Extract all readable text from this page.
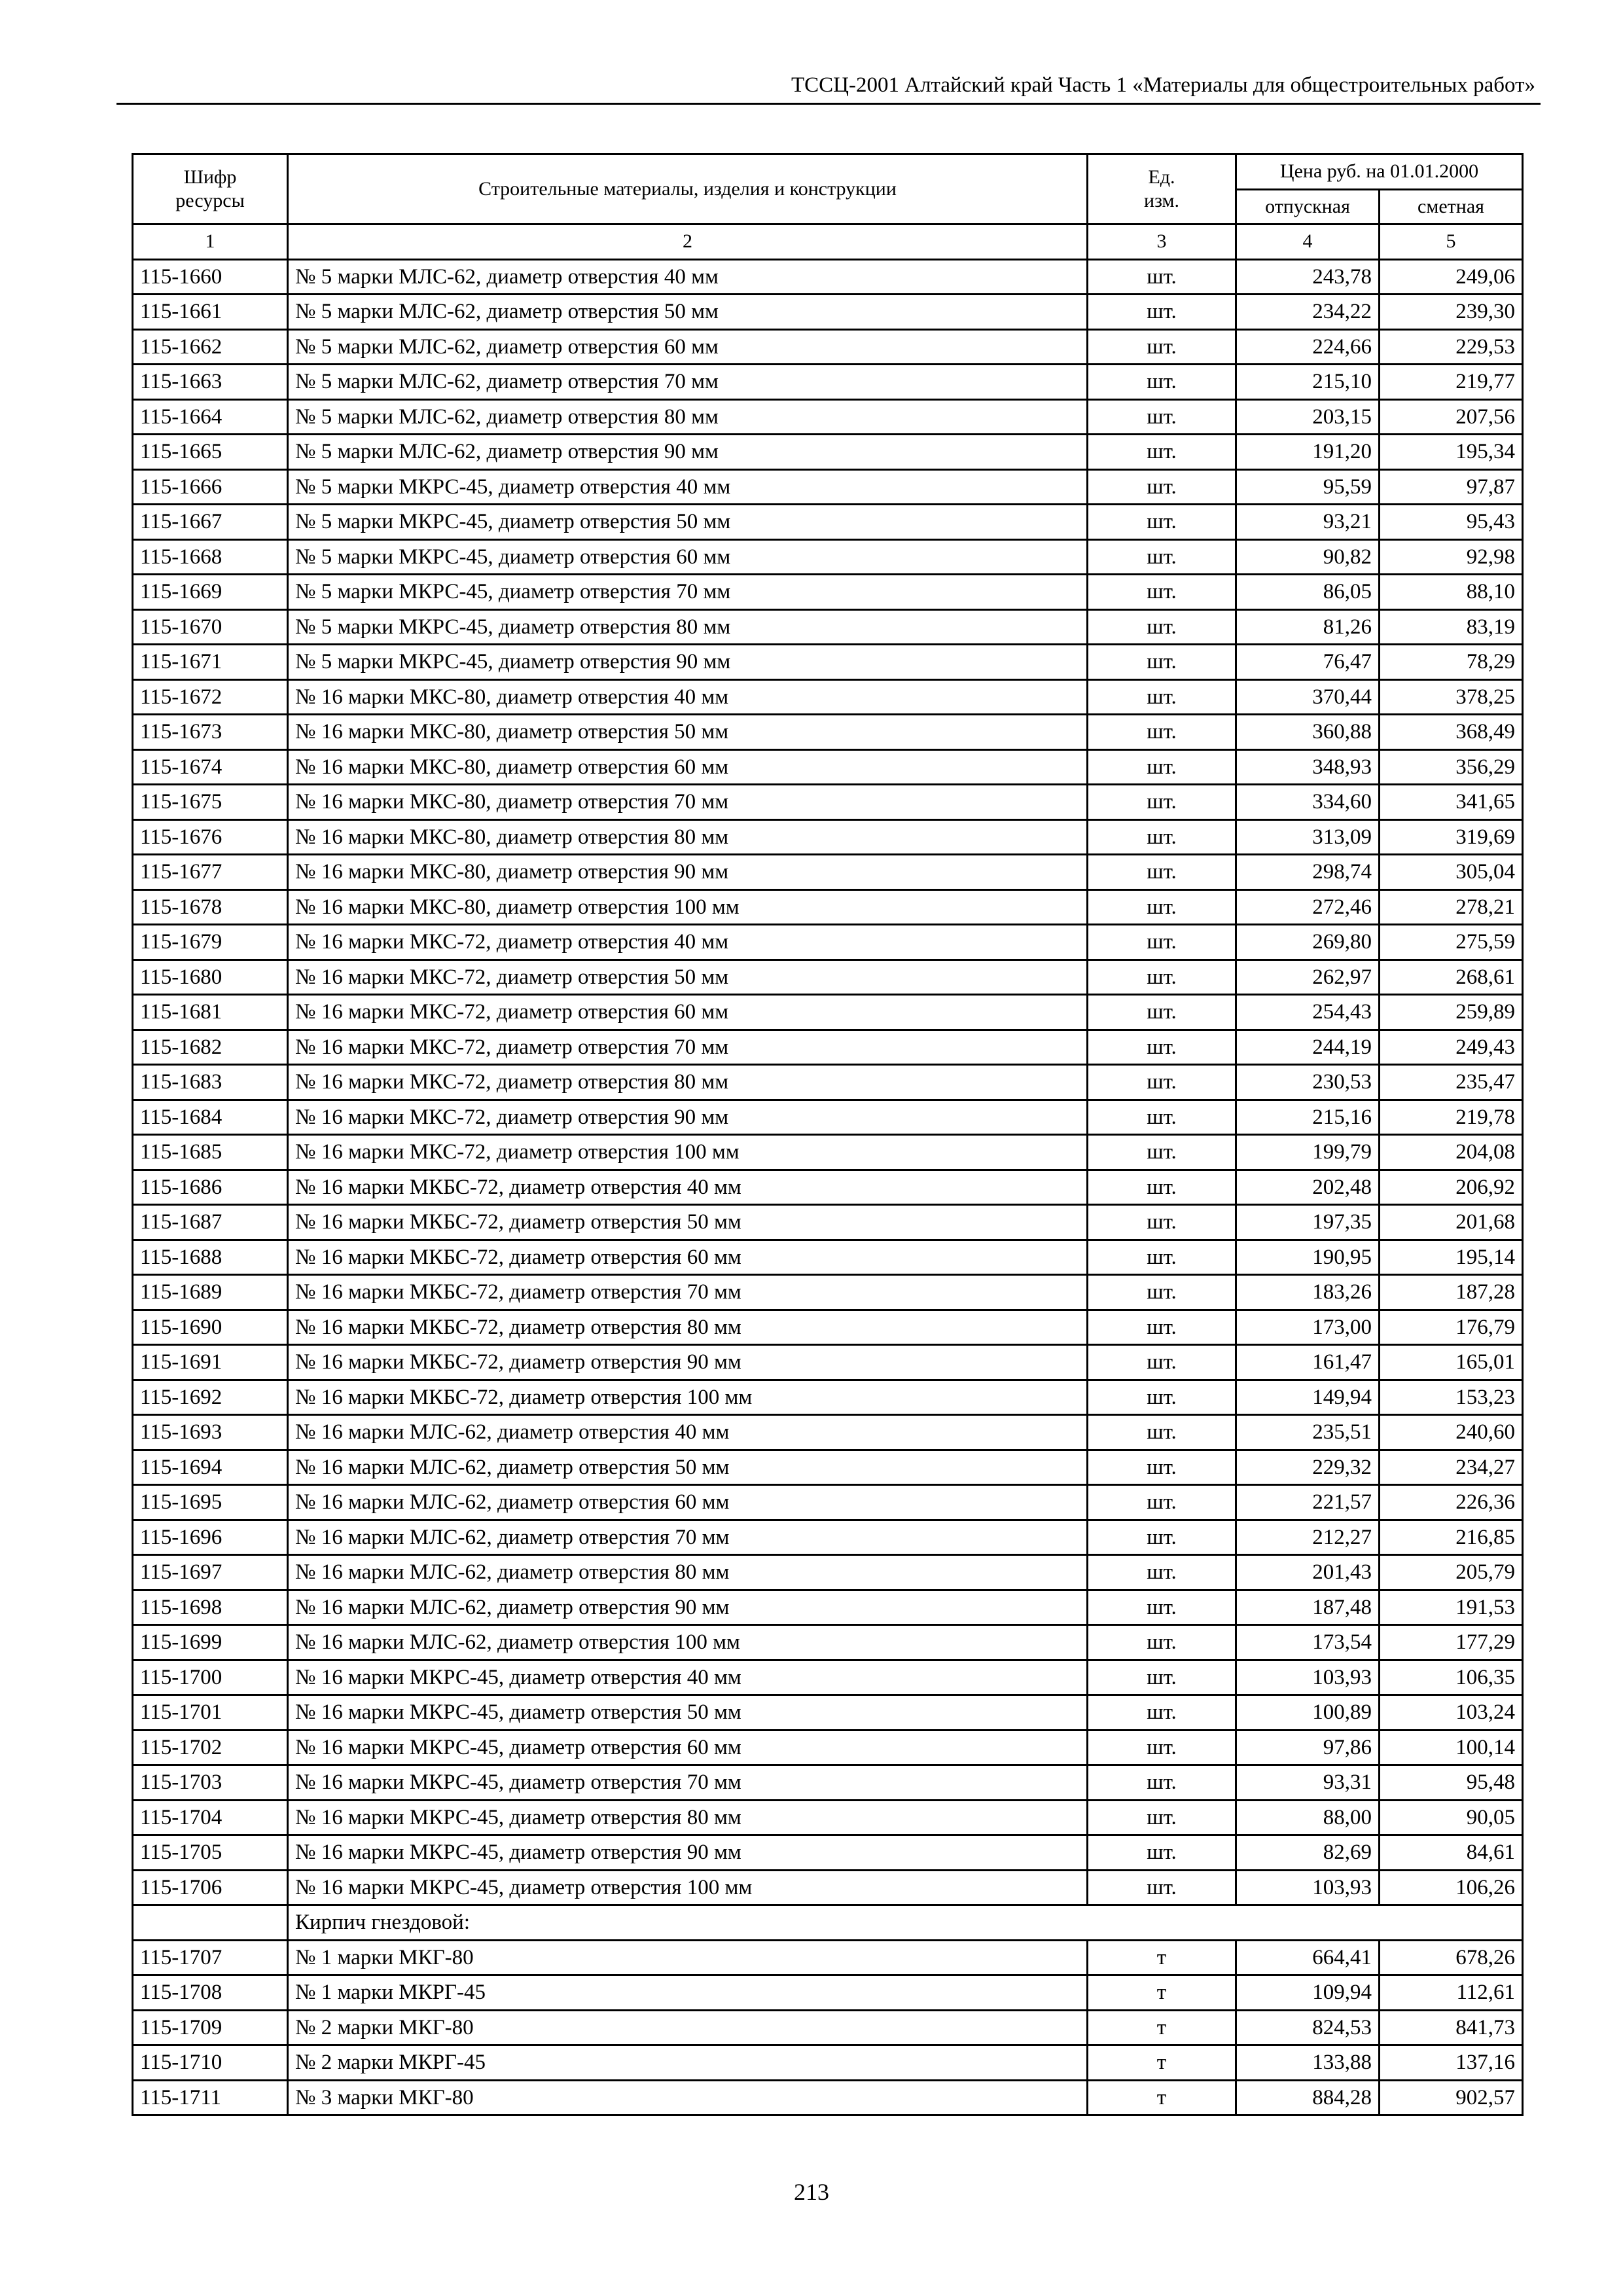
ТССЦ-2001 Алтайский край Часть 1 «Материалы для общестроительных работ»
Шифр ресурсы	Строительные материалы, изделия и конструкции	Ед. изм.	Цена руб. на 01.01.2000	
			отпускная	сметная
1	2	3	4	5
115-1660	№ 5 марки МЛС-62, диаметр отверстия 40 мм	шт.	243,78	249,06
115-1661	№ 5 марки МЛС-62, диаметр отверстия 50 мм	шт.	234,22	239,30
115-1662	№ 5 марки МЛС-62, диаметр отверстия 60 мм	шт.	224,66	229,53
115-1663	№ 5 марки МЛС-62, диаметр отверстия 70 мм	шт.	215,10	219,77
115-1664	№ 5 марки МЛС-62, диаметр отверстия 80 мм	шт.	203,15	207,56
115-1665	№ 5 марки МЛС-62, диаметр отверстия 90 мм	шт.	191,20	195,34
115-1666	№ 5 марки МКРС-45, диаметр отверстия 40 мм	шт.	95,59	97,87
115-1667	№ 5 марки МКРС-45, диаметр отверстия 50 мм	шт.	93,21	95,43
115-1668	№ 5 марки МКРС-45, диаметр отверстия 60 мм	шт.	90,82	92,98
115-1669	№ 5 марки МКРС-45, диаметр отверстия 70 мм	шт.	86,05	88,10
115-1670	№ 5 марки МКРС-45, диаметр отверстия 80 мм	шт.	81,26	83,19
115-1671	№ 5 марки МКРС-45, диаметр отверстия 90 мм	шт.	76,47	78,29
115-1672	№ 16 марки МКС-80, диаметр отверстия 40 мм	шт.	370,44	378,25
115-1673	№ 16 марки МКС-80, диаметр отверстия 50 мм	шт.	360,88	368,49
115-1674	№ 16 марки МКС-80, диаметр отверстия 60 мм	шт.	348,93	356,29
115-1675	№ 16 марки МКС-80, диаметр отверстия 70 мм	шт.	334,60	341,65
115-1676	№ 16 марки МКС-80, диаметр отверстия 80 мм	шт.	313,09	319,69
115-1677	№ 16 марки МКС-80, диаметр отверстия 90 мм	шт.	298,74	305,04
115-1678	№ 16 марки МКС-80, диаметр отверстия 100 мм	шт.	272,46	278,21
115-1679	№ 16 марки МКС-72, диаметр отверстия 40 мм	шт.	269,80	275,59
115-1680	№ 16 марки МКС-72, диаметр отверстия 50 мм	шт.	262,97	268,61
115-1681	№ 16 марки МКС-72, диаметр отверстия 60 мм	шт.	254,43	259,89
115-1682	№ 16 марки МКС-72, диаметр отверстия 70 мм	шт.	244,19	249,43
115-1683	№ 16 марки МКС-72, диаметр отверстия 80 мм	шт.	230,53	235,47
115-1684	№ 16 марки МКС-72, диаметр отверстия 90 мм	шт.	215,16	219,78
115-1685	№ 16 марки МКС-72, диаметр отверстия 100 мм	шт.	199,79	204,08
115-1686	№ 16 марки МКБС-72, диаметр отверстия 40 мм	шт.	202,48	206,92
115-1687	№ 16 марки МКБС-72, диаметр отверстия 50 мм	шт.	197,35	201,68
115-1688	№ 16 марки МКБС-72, диаметр отверстия 60 мм	шт.	190,95	195,14
115-1689	№ 16 марки МКБС-72, диаметр отверстия 70 мм	шт.	183,26	187,28
115-1690	№ 16 марки МКБС-72, диаметр отверстия 80 мм	шт.	173,00	176,79
115-1691	№ 16 марки МКБС-72, диаметр отверстия 90 мм	шт.	161,47	165,01
115-1692	№ 16 марки МКБС-72, диаметр отверстия 100 мм	шт.	149,94	153,23
115-1693	№ 16 марки МЛС-62, диаметр отверстия 40 мм	шт.	235,51	240,60
115-1694	№ 16 марки МЛС-62, диаметр отверстия 50 мм	шт.	229,32	234,27
115-1695	№ 16 марки МЛС-62, диаметр отверстия 60 мм	шт.	221,57	226,36
115-1696	№ 16 марки МЛС-62, диаметр отверстия 70 мм	шт.	212,27	216,85
115-1697	№ 16 марки МЛС-62, диаметр отверстия 80 мм	шт.	201,43	205,79
115-1698	№ 16 марки МЛС-62, диаметр отверстия 90 мм	шт.	187,48	191,53
115-1699	№ 16 марки МЛС-62, диаметр отверстия 100 мм	шт.	173,54	177,29
115-1700	№ 16 марки МКРС-45, диаметр отверстия 40 мм	шт.	103,93	106,35
115-1701	№ 16 марки МКРС-45, диаметр отверстия 50 мм	шт.	100,89	103,24
115-1702	№ 16 марки МКРС-45, диаметр отверстия 60 мм	шт.	97,86	100,14
115-1703	№ 16 марки МКРС-45, диаметр отверстия 70 мм	шт.	93,31	95,48
115-1704	№ 16 марки МКРС-45, диаметр отверстия 80 мм	шт.	88,00	90,05
115-1705	№ 16 марки МКРС-45, диаметр отверстия 90 мм	шт.	82,69	84,61
115-1706	№ 16 марки МКРС-45, диаметр отверстия 100 мм	шт.	103,93	106,26
	Кирпич гнездовой:			
115-1707	№ 1 марки МКГ-80	т	664,41	678,26
115-1708	№ 1 марки МКРГ-45	т	109,94	112,61
115-1709	№ 2 марки МКГ-80	т	824,53	841,73
115-1710	№ 2 марки МКРГ-45	т	133,88	137,16
115-1711	№ 3 марки МКГ-80	т	884,28	902,57
213
